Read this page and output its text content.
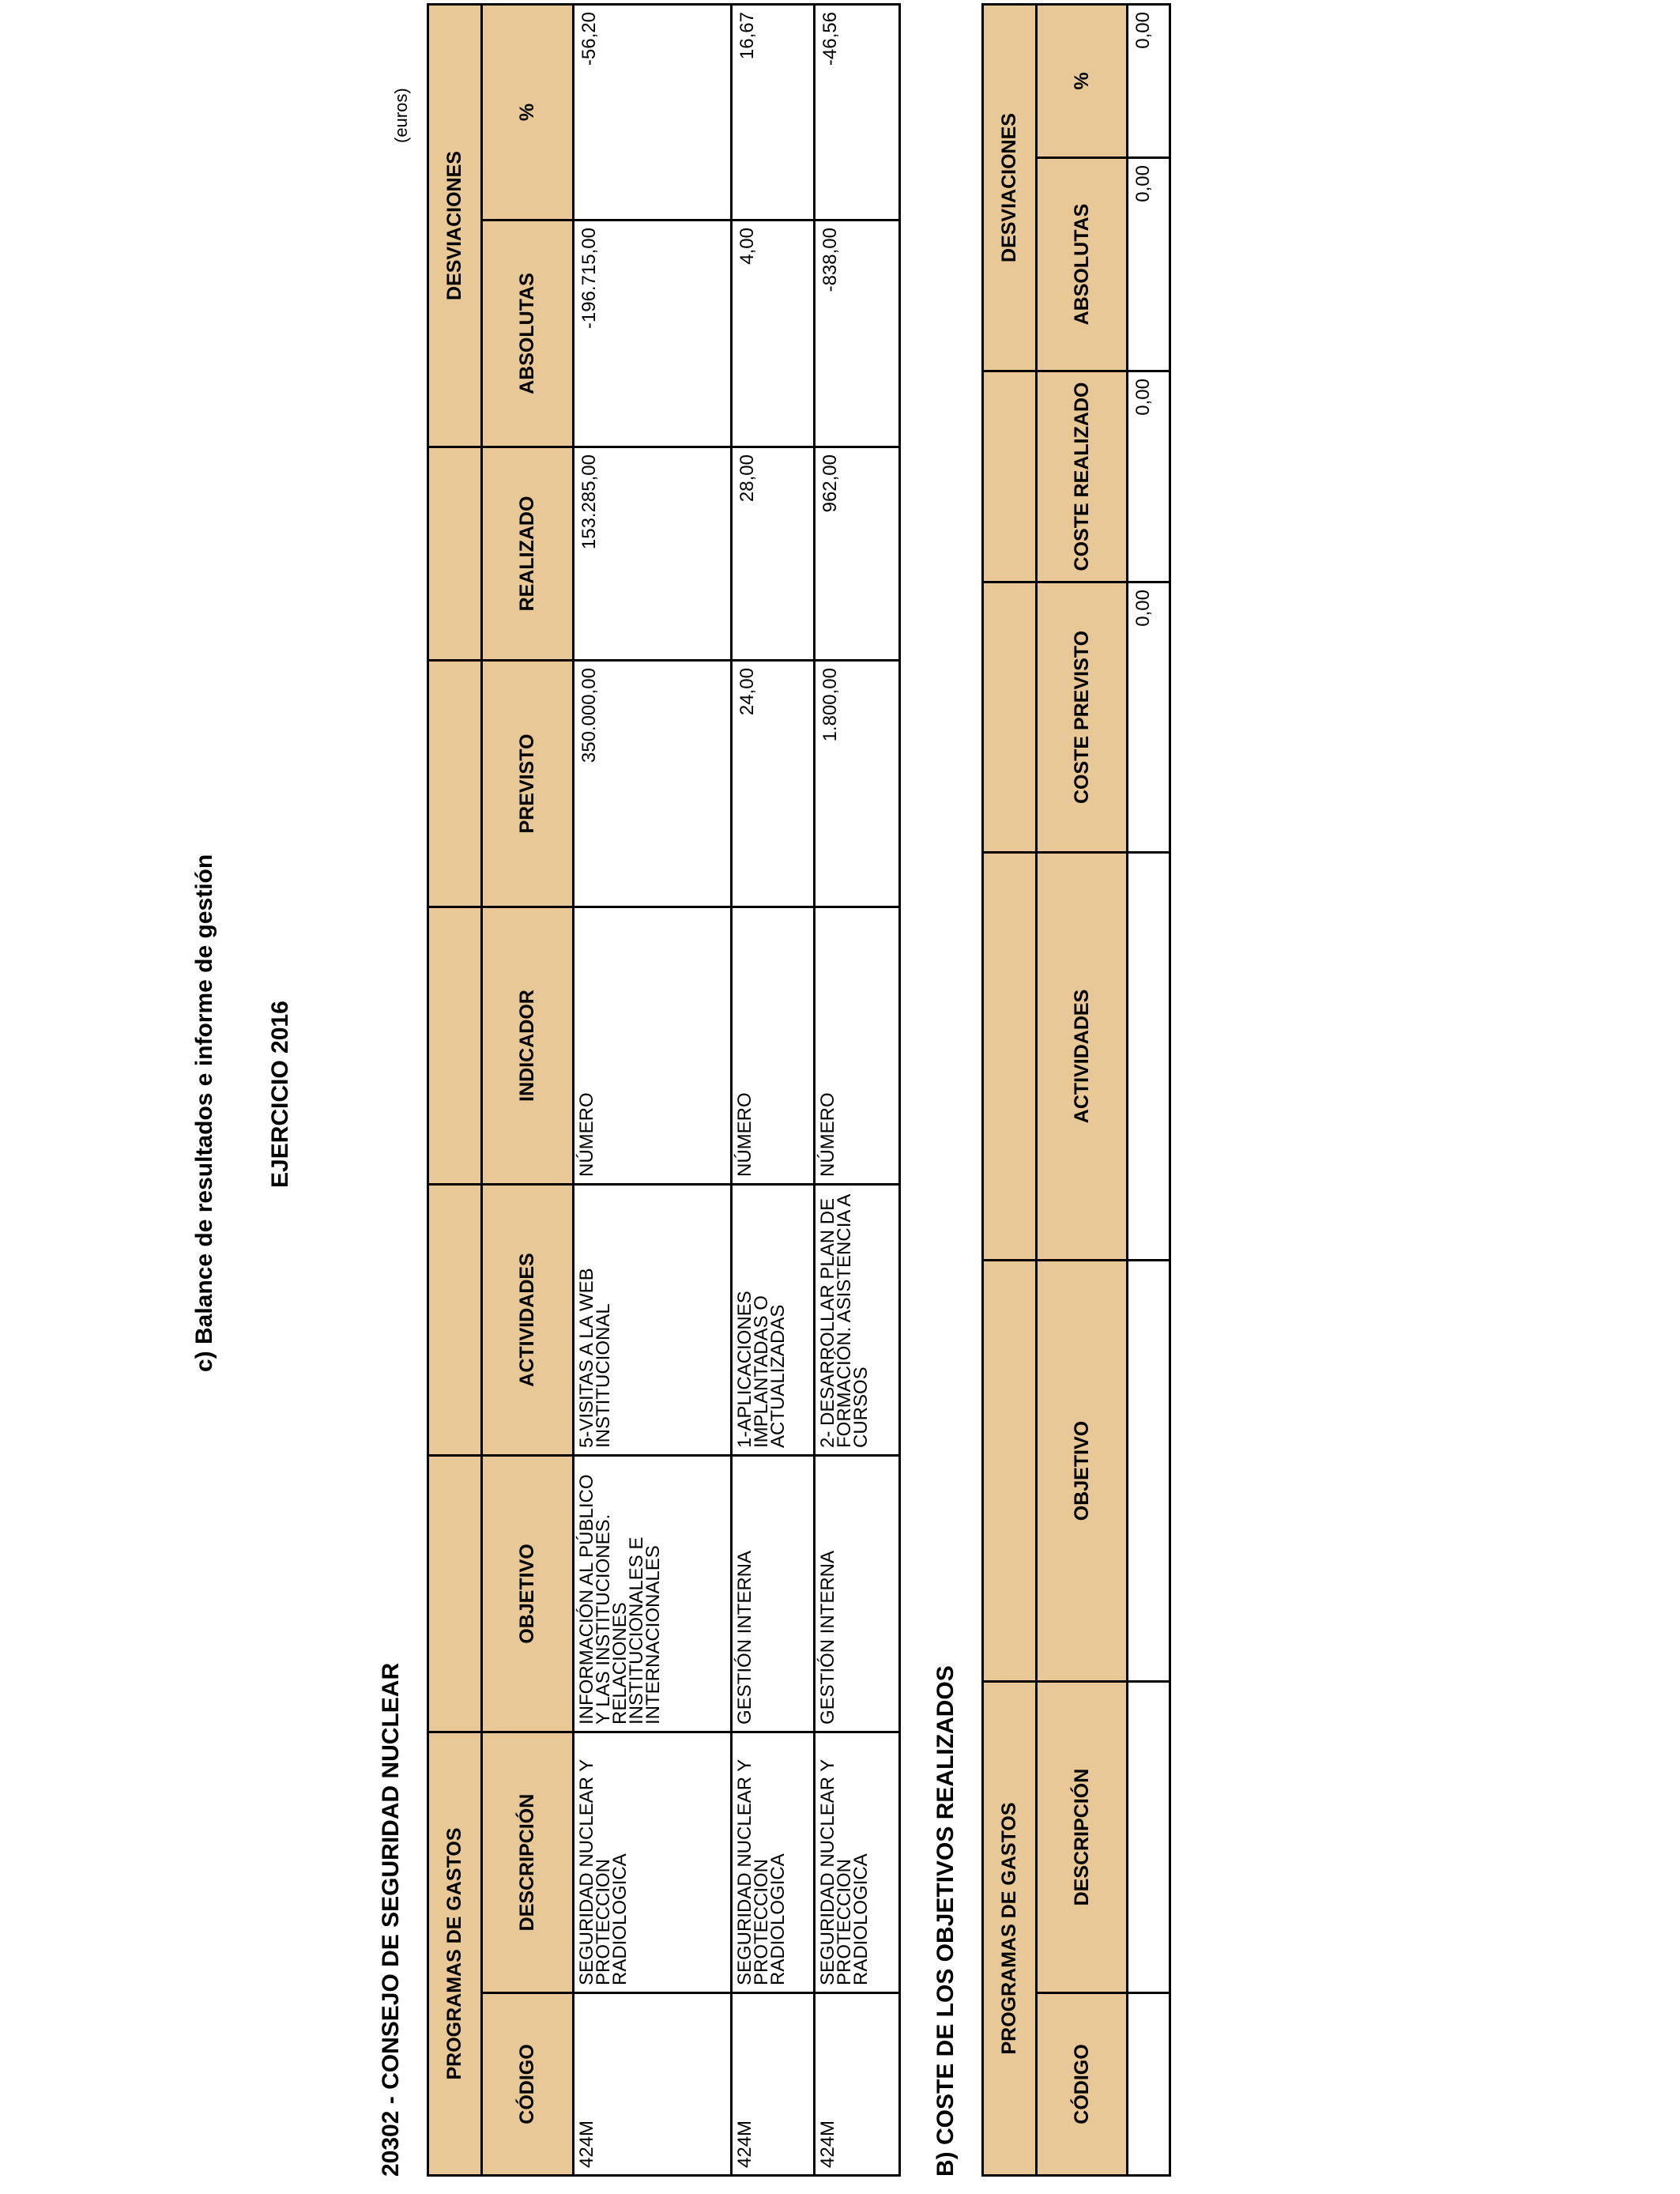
c) Balance de resultados e informe de gestión EJERCICIO 2016
20302 - CONSEJO DE SEGURIDAD NUCLEAR
(euros)
PROGRAMAS DE GASTOS							DESVIACIONES	
CÓDIGO	DESCRIPCIÓN	OBJETIVO	ACTIVIDADES	INDICADOR	PREVISTO	REALIZADO	ABSOLUTAS	%
424M	SEGURIDAD NUCLEAR Y PROTECCION RADIOLOGICA	INFORMACIÓN AL PÚBLICO Y LAS INSTITUCIONES. RELACIONES INSTITUCIONALES E INTERNACIONALES	5-VISITAS A LA WEB INSTITUCIONAL	NÚMERO	350.000,00	153.285,00	-196.715,00	-56,20
424M	SEGURIDAD NUCLEAR Y PROTECCION RADIOLOGICA	GESTIÓN INTERNA	1-APLICACIONES IMPLANTADAS O ACTUALIZADAS	NÚMERO	24,00	28,00	4,00	16,67
424M	SEGURIDAD NUCLEAR Y PROTECCION RADIOLOGICA	GESTIÓN INTERNA	2- DESARROLLAR PLAN DE FORMACIÓN. ASISTENCIA A CURSOS	NÚMERO	1.800,00	962,00	-838,00	-46,56
B) COSTE DE LOS OBJETIVOS REALIZADOS PROGRAMAS DE GASTOS						DESVIACIONES	
CÓDIGO	DESCRIPCIÓN	OBJETIVO	ACTIVIDADES	COSTE PREVISTO	COSTE REALIZADO	ABSOLUTAS	%
				0,00	0,00	0,00	0,00
